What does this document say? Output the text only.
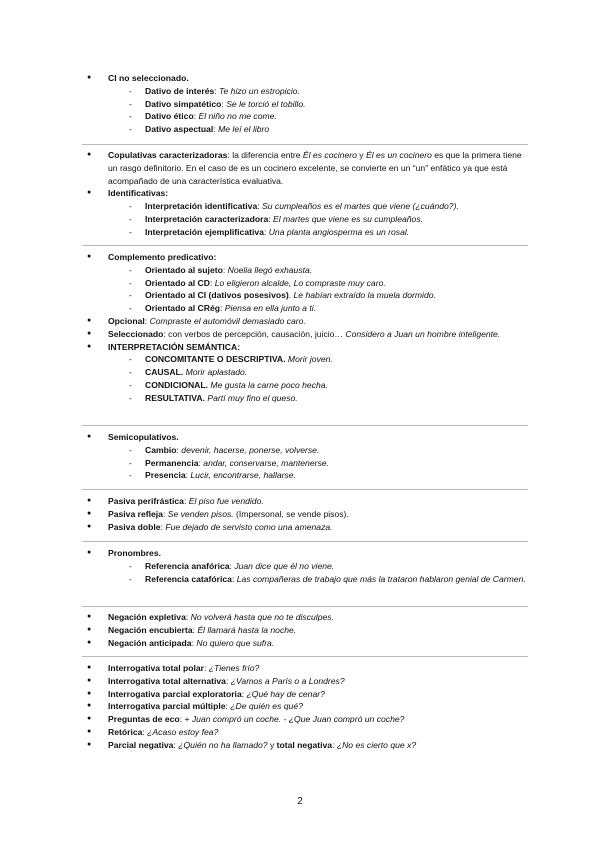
● CI no seleccionado.
- Dativo de interés: Te hizo un estropicio.
- Dativo simpatético: Se le torció el tobillo.
- Dativo ético: El niño no me come.
- Dativo aspectual: Me leí el libro
● Copulativas caracterizadoras: la diferencia entre Él es cocinero y Él es un cocinero es que la primera tiene un rasgo definitorio. En el caso de es un cocinero excelente, se convierte en un “un” enfático ya que está acompañado de una característica evaluativa.
● Identificativas:
- Interpretación identificativa: Su cumpleaños es el martes que viene (¿cuándo?).
- Interpretación caracterizadora: El martes que viene es su cumpleaños.
- Interpretación ejemplificativa: Una planta angiosperma es un rosal.
● Complemento predicativo:
- Orientado al sujeto: Noelia llegó exhausta.
- Orientado al CD: Lo eligieron alcalde, Lo compraste muy caro.
- Orientado al CI (dativos posesivos). Le habían extraído la muela dormido.
- Orientado al CRég: Piensa en ella junto a ti.
● Opcional: Compraste el automóvil demasiado caro.
● Seleccionado: con verbos de percepción, causación, juicio… Considero a Juan un hombre inteligente.
● INTERPRETACIÓN SEMÁNTICA:
- CONCOMITANTE O DESCRIPTIVA. Morir joven.
- CAUSAL. Morir aplastado.
- CONDICIONAL. Me gusta la carne poco hecha.
- RESULTATIVA. Partí muy fino el queso.
● Semicopulativos.
- Cambio: devenir, hacerse, ponerse, volverse.
- Permanencia: andar, conservarse, mantenerse.
- Presencia: Lucir, encontrarse, hallarse.
● Pasiva perifrástica: El piso fue vendido.
● Pasiva refleja: Se venden pisos. (Impersonal, se vende pisos).
● Pasiva doble: Fue dejado de servisto como una amenaza.
● Pronombres.
- Referencia anafórica: Juan dice que él no viene.
- Referencia catafórica: Las compañeras de trabajo que más la trataron hablaron genial de Carmen.
● Negación expletiva: No volverá hasta que no te disculpes.
● Negación encubierta: Él llamará hasta la noche.
● Negación anticipada: No quiero que sufra.
● Interrogativa total polar: ¿Tienes frío?
● Interrogativa total alternativa: ¿Vamos a París o a Londres?
● Interrogativa parcial exploratoria: ¿Qué hay de cenar?
● Interrogativa parcial múltiple: ¿De quién es qué?
● Preguntas de eco: + Juan compró un coche. - ¿Que Juan compró un coche?
● Retórica: ¿Acaso estoy fea?
● Parcial negativa: ¿Quién no ha llamado? y total negativa: ¿No es cierto que x?
2
